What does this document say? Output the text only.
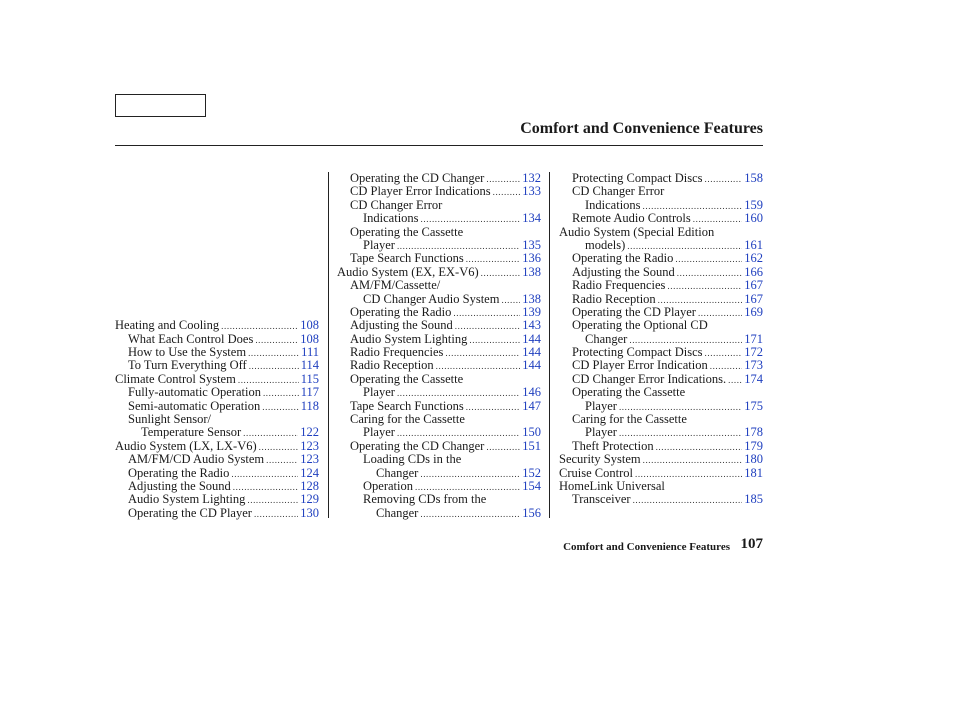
Comfort and Convenience Features
Heating and Cooling .....	108
What Each Control Does .....	108
How to Use the System .....	111
To Turn Everything Off .....	114
Climate Control System .....	115
Fully-automatic Operation .....	117
Semi-automatic Operation .....	118
Sunlight Sensor/
Temperature Sensor .....	122
Audio System (LX, LX-V6) .....	123
AM/FM/CD Audio System .....	123
Operating the Radio .....	124
Adjusting the Sound .....	128
Audio System Lighting .....	129
Operating the CD Player .....	130
Operating the CD Changer .....	132
CD Player Error Indications .....	133
CD Changer Error
Indications .....	134
Operating the Cassette
Player .....	135
Tape Search Functions .....	136
Audio System (EX, EX-V6) .....	138
AM/FM/Cassette/
CD Changer Audio System ..... 138
Operating the Radio .....	139
Adjusting the Sound .....	143
Audio System Lighting .....	144
Radio Frequencies .....	144
Radio Reception .....	144
Operating the Cassette
Player .....	146
Tape Search Functions .....	147
Caring for the Cassette
Player .....	150
Operating the CD Changer .....	151
Loading CDs in the
Changer .....	152
Operation .....	154
Removing CDs from the
Changer .....	156
Protecting Compact Discs .....	158
CD Changer Error
Indications .....	159
Remote Audio Controls .....	160
Audio System (Special Edition
models) .....	161
Operating the Radio .....	162
Adjusting the Sound .....	166
Radio Frequencies .....	167
Radio Reception .....	167
Operating the CD Player .....	169
Operating the Optional CD
Changer .....	171
Protecting Compact Discs .....	172
CD Player Error Indication .....	173
CD Changer Error Indications. ..... 174
Operating the Cassette
Player .....	175
Caring for the Cassette
Player .....	178
Theft Protection .....	179
Security System .....	180
Cruise Control .....	181
HomeLink Universal
Transceiver .....	185
Comfort and Convenience Features 107
